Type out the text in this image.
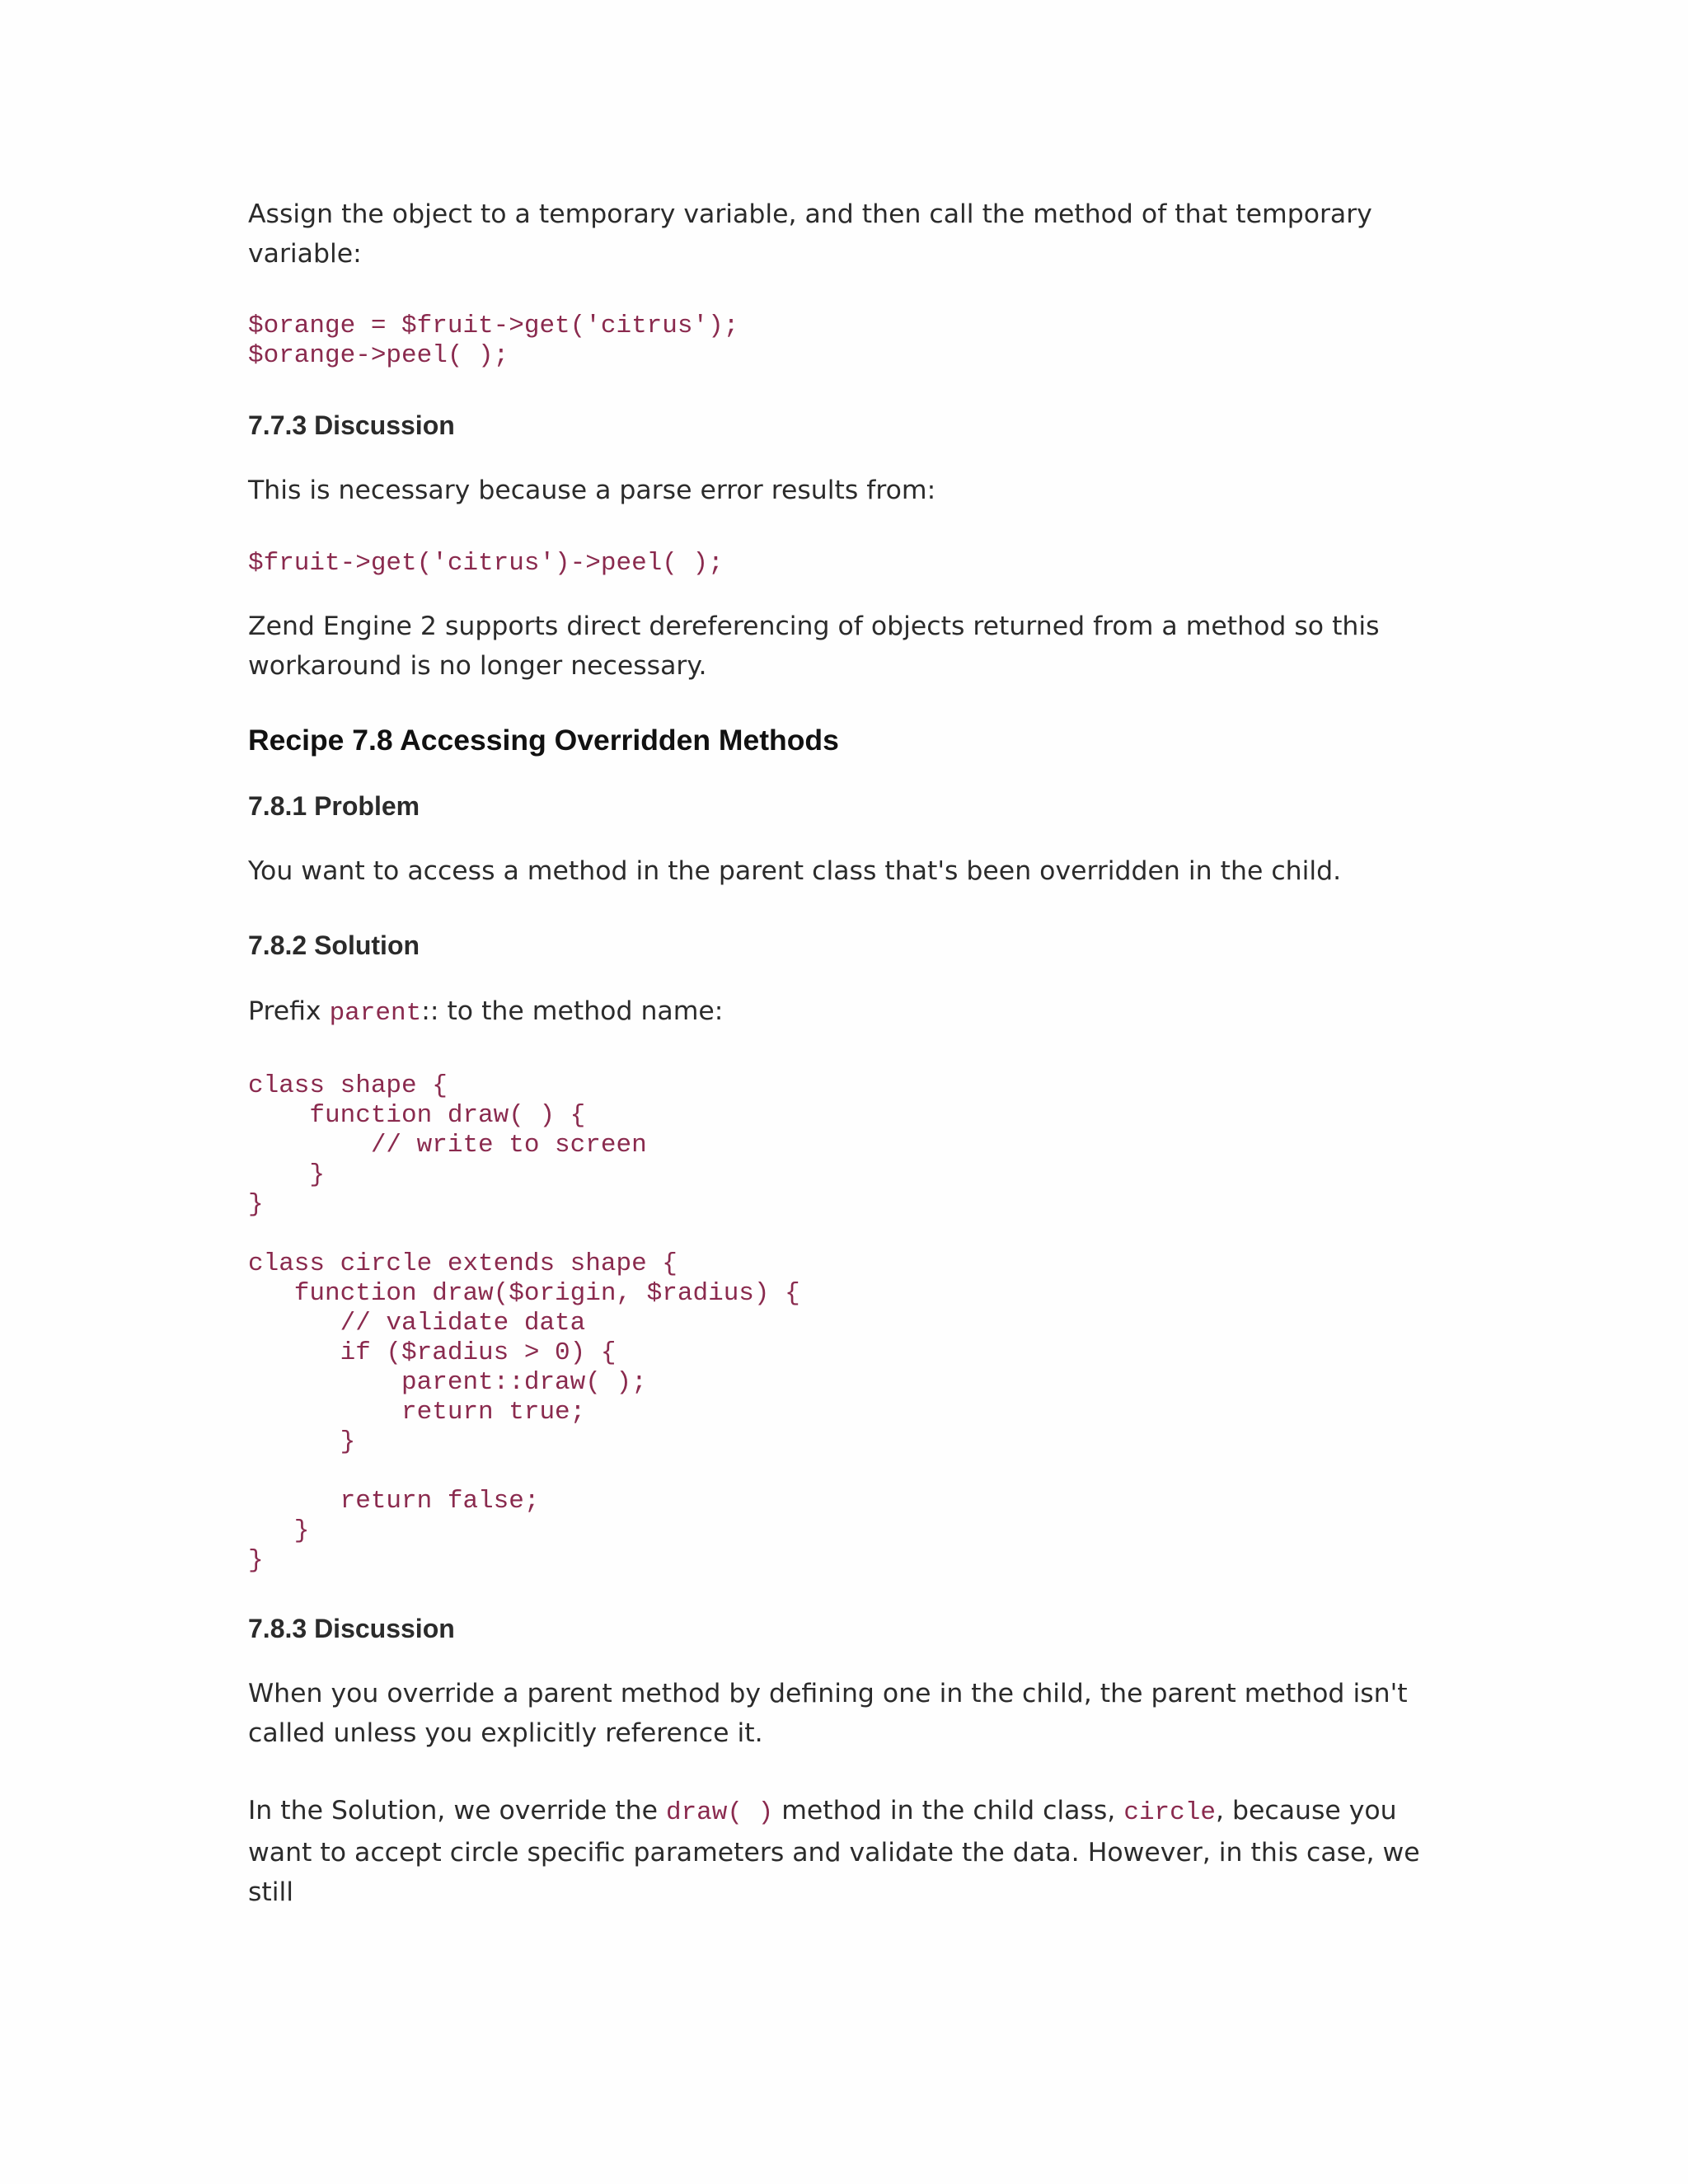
Assign the object to a temporary variable, and then call the method of that temporary variable:

$orange = $fruit->get('citrus');
$orange->peel( );
7.7.3 Discussion

This is necessary because a parse error results from:

$fruit->get('citrus')->peel( );

Zend Engine 2 supports direct dereferencing of objects returned from a method so this workaround is no longer necessary.

Recipe 7.8 Accessing Overridden Methods
7.8.1 Problem

You want to access a method in the parent class that's been overridden in the child.

7.8.2 Solution

Prefix parent:: to the method name:

class shape {
function draw( ) {
// write to screen
}
}

class circle extends shape {
function draw($origin, $radius) {
// validate data
if ($radius > 0) {
parent::draw( );
return true;
}

return false;
}
}
7.8.3 Discussion

When you override a parent method by defining one in the child, the parent method isn't called unless you explicitly reference it.

In the Solution, we override the draw( ) method in the child class, circle, because you want to accept circle specific parameters and validate the data. However, in this case, we still
